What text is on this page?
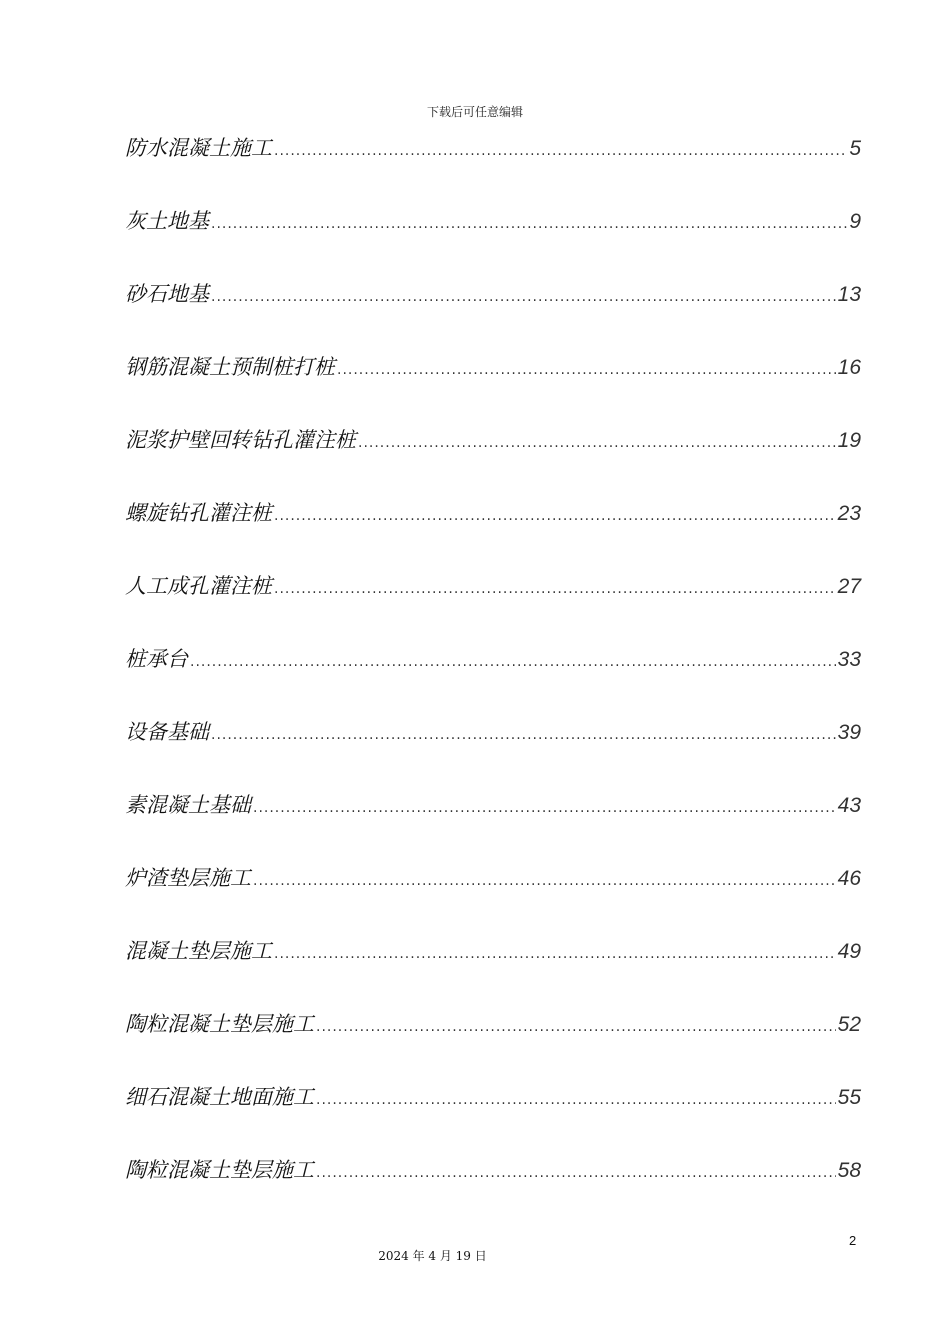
下载后可任意编辑
防水混凝土施工 .....	5
灰土地基 .....	9
砂石地基 .....	13
钢筋混凝土预制桩打桩 .....	16
泥浆护壁回转钻孔灌注桩 .....	19
螺旋钻孔灌注桩 .....	23
人工成孔灌注桩 .....	27
桩承台 .....	33
设备基础 .....	39
素混凝土基础 .....	43
炉渣垫层施工 .....	46
混凝土垫层施工 .....	49
陶粒混凝土垫层施工 .....	52
细石混凝土地面施工 .....	55
陶粒混凝土垫层施工 .....	58
2
2024 年 4 月 19 日
